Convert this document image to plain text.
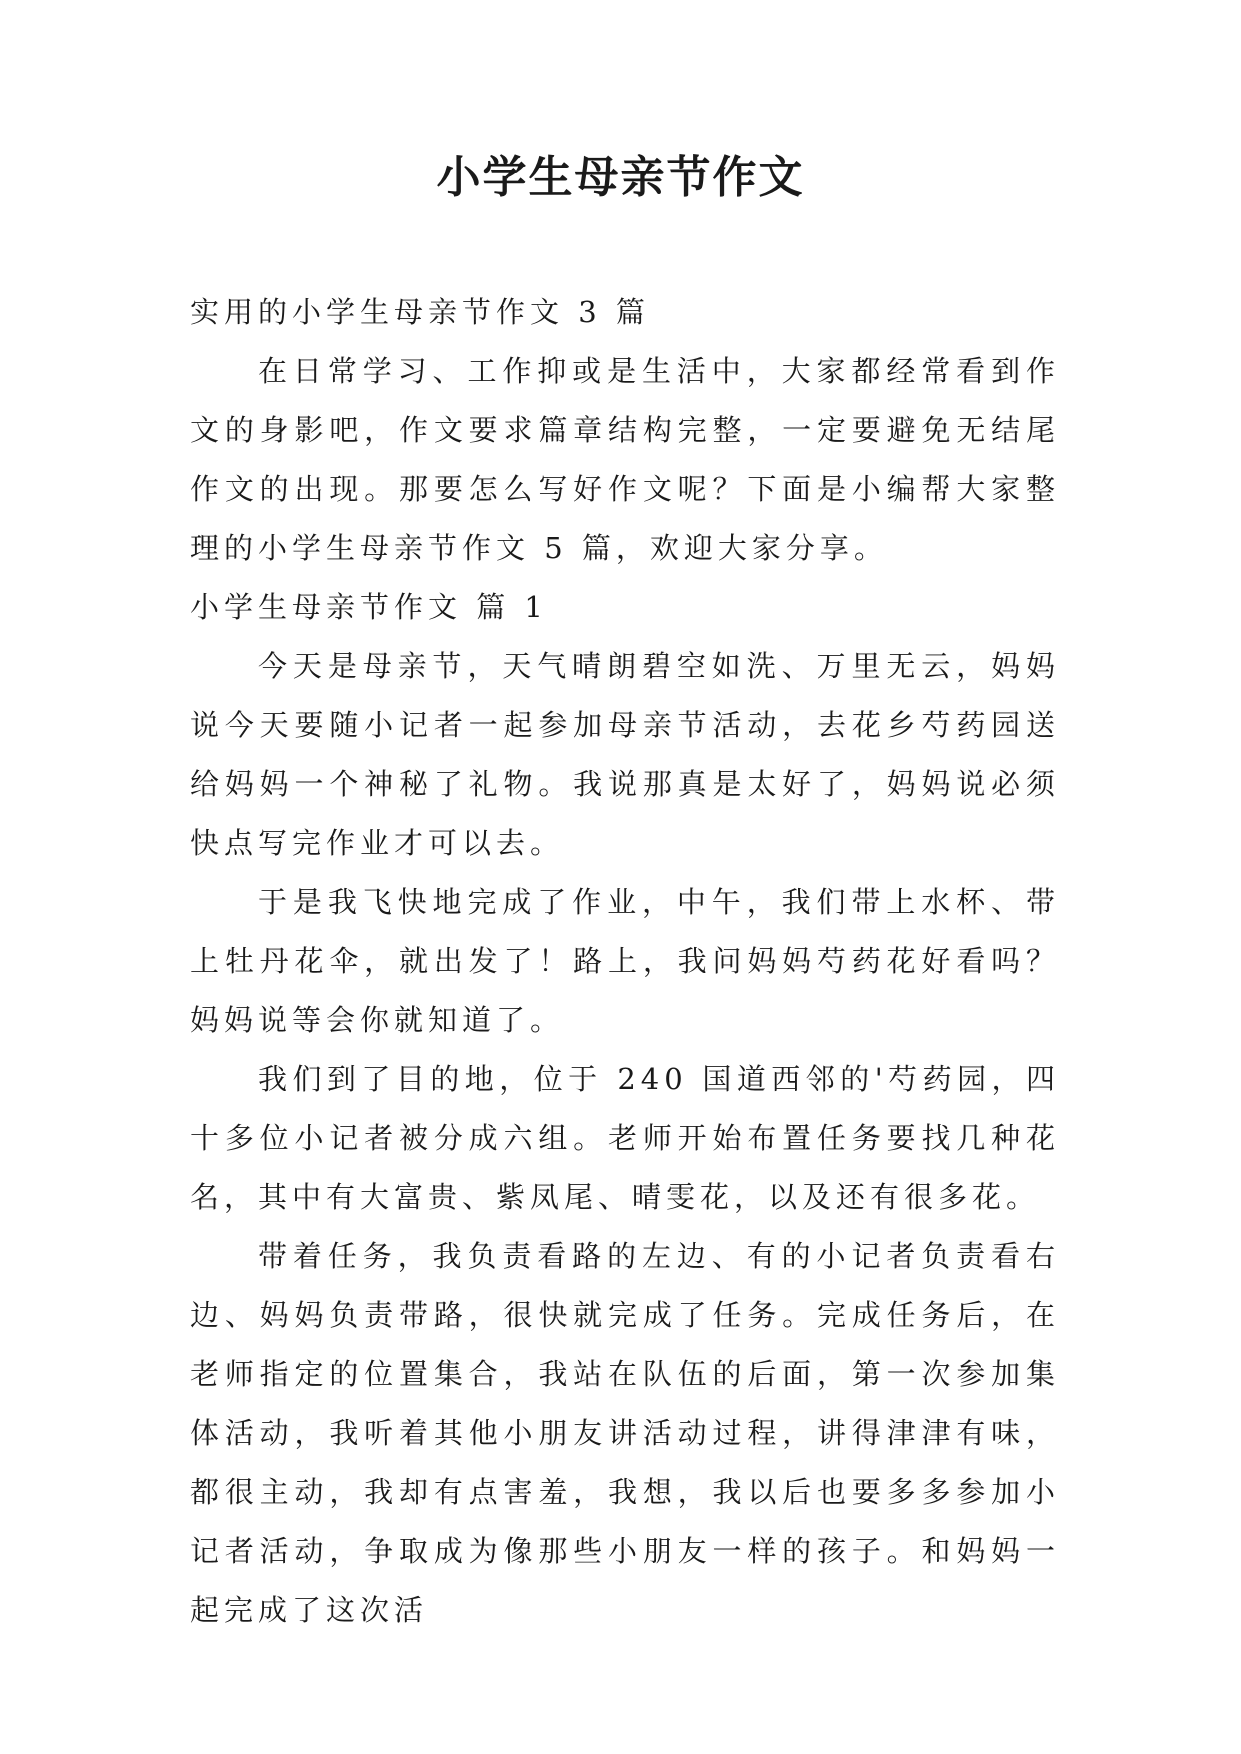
小学生母亲节作文

实用的小学生母亲节作文 3 篇

在日常学习、工作抑或是生活中，大家都经常看到作文的身影吧，作文要求篇章结构完整，一定要避免无结尾作文的出现。那要怎么写好作文呢？下面是小编帮大家整理的小学生母亲节作文 5 篇，欢迎大家分享。

小学生母亲节作文 篇 1

今天是母亲节，天气晴朗碧空如洗、万里无云，妈妈说今天要随小记者一起参加母亲节活动，去花乡芍药园送给妈妈一个神秘了礼物。我说那真是太好了，妈妈说必须快点写完作业才可以去。

于是我飞快地完成了作业，中午，我们带上水杯、带上牡丹花伞，就出发了！路上，我问妈妈芍药花好看吗？妈妈说等会你就知道了。

我们到了目的地，位于 240 国道西邻的'芍药园，四十多位小记者被分成六组。老师开始布置任务要找几种花名，其中有大富贵、紫凤尾、晴雯花，以及还有很多花。

带着任务，我负责看路的左边、有的小记者负责看右边、妈妈负责带路，很快就完成了任务。完成任务后，在老师指定的位置集合，我站在队伍的后面，第一次参加集体活动，我听着其他小朋友讲活动过程，讲得津津有味，都很主动，我却有点害羞，我想，我以后也要多多参加小记者活动，争取成为像那些小朋友一样的孩子。和妈妈一起完成了这次活
